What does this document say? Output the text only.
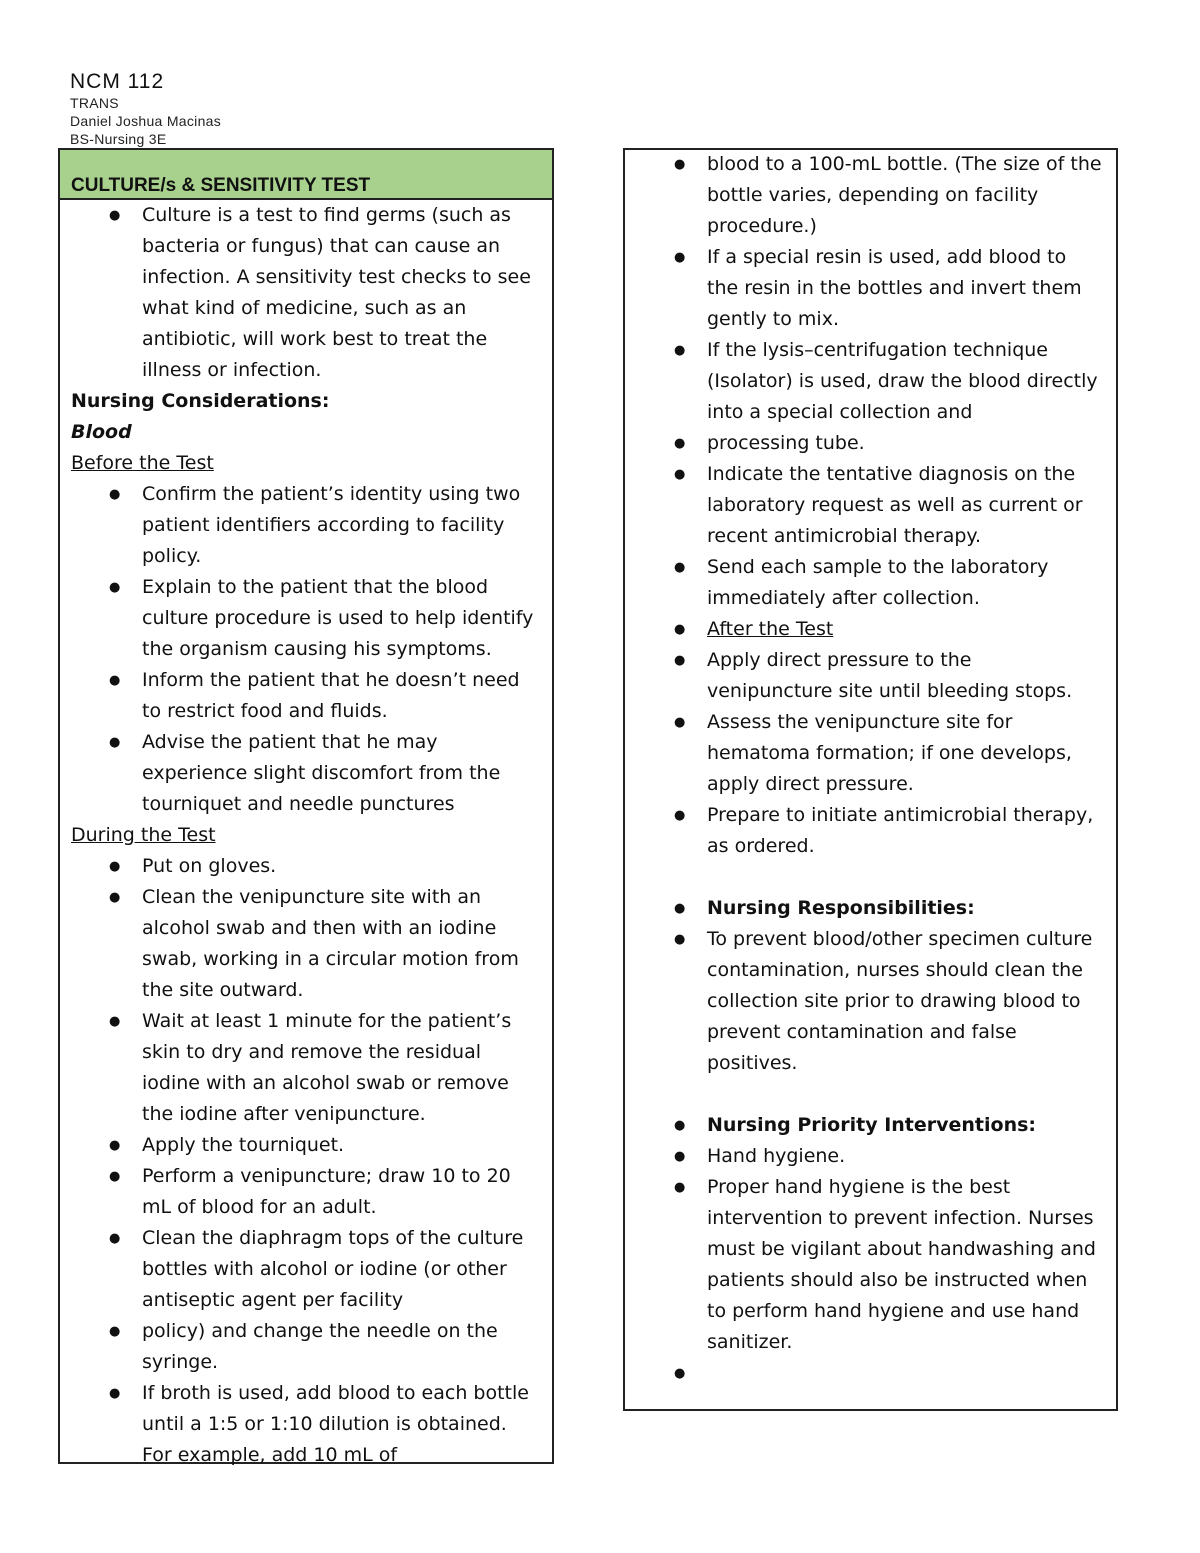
NCM 112
TRANS
Daniel Joshua Macinas
BS-Nursing 3E
CULTURE/s & SENSITIVITY TEST
● Culture is a test to find germs (such as bacteria or fungus) that can cause an infection. A sensitivity test checks to see what kind of medicine, such as an antibiotic, will work best to treat the illness or infection.

Nursing Considerations:

Blood

Before the Test

● Confirm the patient’s identity using two patient identifiers according to facility policy.
● Explain to the patient that the blood culture procedure is used to help identify the organism causing his symptoms.
● Inform the patient that he doesn’t need to restrict food and fluids.
● Advise the patient that he may experience slight discomfort from the tourniquet and needle punctures

During the Test

● Put on gloves.
● Clean the venipuncture site with an alcohol swab and then with an iodine swab, working in a circular motion from the site outward.
● Wait at least 1 minute for the patient’s skin to dry and remove the residual iodine with an alcohol swab or remove the iodine after venipuncture.
● Apply the tourniquet.
● Perform a venipuncture; draw 10 to 20 mL of blood for an adult.
● Clean the diaphragm tops of the culture bottles with alcohol or iodine (or other antiseptic agent per facility
● policy) and change the needle on the syringe.
● If broth is used, add blood to each bottle until a 1:5 or 1:10 dilution is obtained. For example, add 10 mL of
● blood to a 100-mL bottle. (The size of the bottle varies, depending on facility procedure.)
● If a special resin is used, add blood to the resin in the bottles and invert them gently to mix.
● If the lysis–centrifugation technique (Isolator) is used, draw the blood directly into a special collection and
● processing tube.
● Indicate the tentative diagnosis on the laboratory request as well as current or recent antimicrobial therapy.
● Send each sample to the laboratory immediately after collection.
● After the Test
● Apply direct pressure to the venipuncture site until bleeding stops.
● Assess the venipuncture site for hematoma formation; if one develops, apply direct pressure.
● Prepare to initiate antimicrobial therapy, as ordered.
● Nursing Responsibilities:
● To prevent blood/other specimen culture contamination, nurses should clean the collection site prior to drawing blood to prevent contamination and false positives.
● Nursing Priority Interventions:
● Hand hygiene.
● Proper hand hygiene is the best intervention to prevent infection. Nurses must be vigilant about handwashing and patients should also be instructed when to perform hand hygiene and use hand sanitizer.
●
